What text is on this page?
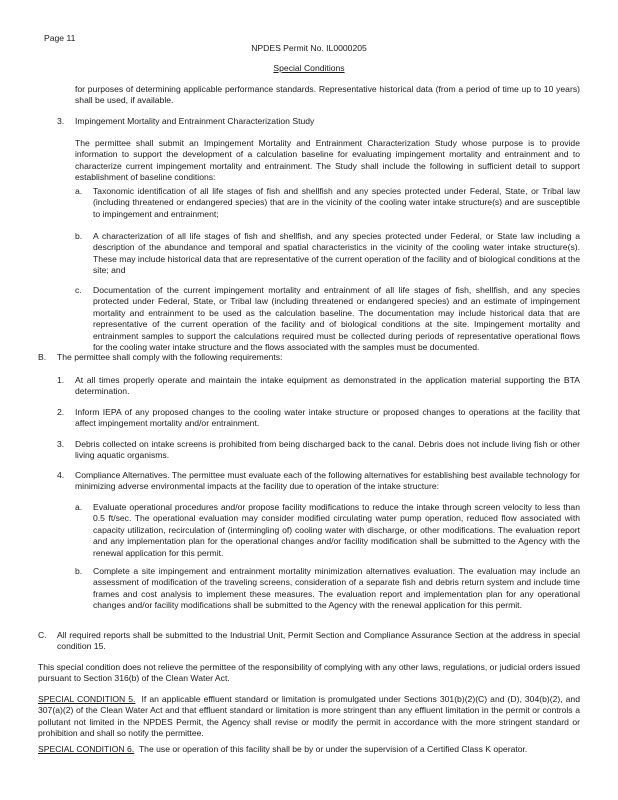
Page 11
NPDES Permit No. IL0000205
Special Conditions

for purposes of determining applicable performance standards. Representative historical data (from a period of time up to 10 years) shall be used, if available.

3. Impingement Mortality and Entrainment Characterization Study

The permittee shall submit an Impingement Mortality and Entrainment Characterization Study whose purpose is to provide information to support the development of a calculation baseline for evaluating impingement mortality and entrainment and to characterize current impingement mortality and entrainment. The Study shall include the following in sufficient detail to support establishment of baseline conditions:

a. Taxonomic identification of all life stages of fish and shellfish and any species protected under Federal, State, or Tribal law (including threatened or endangered species) that are in the vicinity of the cooling water intake structure(s) and are susceptible to impingement and entrainment;

b. A characterization of all life stages of fish and shellfish, and any species protected under Federal, or State law including a description of the abundance and temporal and spatial characteristics in the vicinity of the cooling water intake structure(s). These may include historical data that are representative of the current operation of the facility and of biological conditions at the site; and

c. Documentation of the current impingement mortality and entrainment of all life stages of fish, shellfish, and any species protected under Federal, State, or Tribal law (including threatened or endangered species) and an estimate of impingement mortality and entrainment to be used as the calculation baseline. The documentation may include historical data that are representative of the current operation of the facility and of biological conditions at the site. Impingement mortality and entrainment samples to support the calculations required must be collected during periods of representative operational flows for the cooling water intake structure and the flows associated with the samples must be documented.

B. The permittee shall comply with the following requirements:
1. At all times properly operate and maintain the intake equipment as demonstrated in the application material supporting the BTA determination.

2. Inform IEPA of any proposed changes to the cooling water intake structure or proposed changes to operations at the facility that affect impingement mortality and/or entrainment.

3. Debris collected on intake screens is prohibited from being discharged back to the canal. Debris does not include living fish or other living aquatic organisms.

4. Compliance Alternatives. The permittee must evaluate each of the following alternatives for establishing best available technology for minimizing adverse environmental impacts at the facility due to operation of the intake structure:

a. Evaluate operational procedures and/or propose facility modifications to reduce the intake through screen velocity to less than 0.5 ft/sec. The operational evaluation may consider modified circulating water pump operation, reduced flow associated with capacity utilization, recirculation of (intermingling of) cooling water with discharge, or other modifications. The evaluation report and any implementation plan for the operational changes and/or facility modification shall be submitted to the Agency with the renewal application for this permit.

b. Complete a site impingement and entrainment mortality minimization alternatives evaluation. The evaluation may include an assessment of modification of the traveling screens, consideration of a separate fish and debris return system and include time frames and cost analysis to implement these measures. The evaluation report and implementation plan for any operational changes and/or facility modifications shall be submitted to the Agency with the renewal application for this permit.

C. All required reports shall be submitted to the Industrial Unit, Permit Section and Compliance Assurance Section at the address in special condition 15.

This special condition does not relieve the permittee of the responsibility of complying with any other laws, regulations, or judicial orders issued pursuant to Section 316(b) of the Clean Water Act.

SPECIAL CONDITION 5. If an applicable effluent standard or limitation is promulgated under Sections 301(b)(2)(C) and (D), 304(b)(2), and 307(a)(2) of the Clean Water Act and that effluent standard or limitation is more stringent than any effluent limitation in the permit or controls a pollutant not limited in the NPDES Permit, the Agency shall revise or modify the permit in accordance with the more stringent standard or prohibition and shall so notify the permittee.

SPECIAL CONDITION 6. The use or operation of this facility shall be by or under the supervision of a Certified Class K operator.
